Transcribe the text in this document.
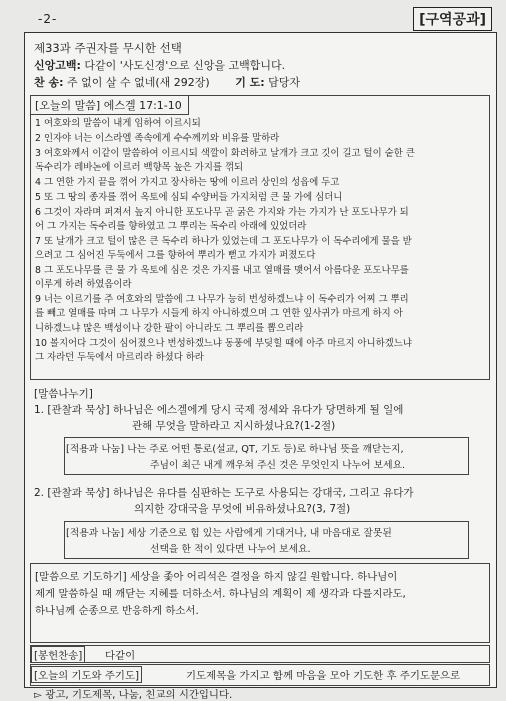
-2-	[구역공과]
제33과 주권자를 무시한 선택
신앙고백: 다같이 '사도신경'으로 신앙을 고백합니다.
찬 송: 주 없이 살 수 없네(새 292장) 기 도: 담당자
[오늘의 말씀] 에스겔 17:1-10
1 여호와의 말씀이 내게 임하여 이르시되
2 인자야 너는 이스라엘 족속에게 수수께끼와 비유를 말하라
3 여호와께서 이같이 말씀하여 이르시되 색깔이 화려하고 날개가 크고 깃이 길고 털이 숱한 큰
독수리가 레바논에 이르러 백향목 높은 가지를 꺾되
4 그 연한 가지 끝을 꺾어 가지고 장사하는 땅에 이르러 상인의 성읍에 두고
5 또 그 땅의 종자를 꺾어 옥토에 심되 수양버들 가지처럼 큰 물 가에 심더니
6 그것이 자라며 퍼져서 높지 아니한 포도나무 곧 굵은 가지와 가는 가지가 난 포도나무가 되
어 그 가지는 독수리를 향하였고 그 뿌리는 독수리 아래에 있었더라
7 또 날개가 크고 털이 많은 큰 독수리 하나가 있었는데 그 포도나무가 이 독수리에게 물을 받
으려고 그 심어진 두둑에서 그를 향하여 뿌리가 뻗고 가지가 퍼졌도다
8 그 포도나무를 큰 물 가 옥토에 심은 것은 가지를 내고 열매를 맺어서 아름다운 포도나무를
이루게 하려 하였음이라
9 너는 이르기를 주 여호와의 말씀에 그 나무가 능히 번성하겠느냐 이 독수리가 어찌 그 뿌리
를 빼고 열매를 따며 그 나무가 시들게 하지 아니하겠으며 그 연한 잎사귀가 마르게 하지 아
니하겠느냐 많은 백성이나 강한 팔이 아니라도 그 뿌리를 뽑으리라
10 볼지어다 그것이 심어졌으나 번성하겠느냐 동풍에 부딪힐 때에 아주 마르지 아니하겠느냐
그 자라던 두둑에서 마르리라 하셨다 하라
[말씀나누기]
1. [관찰과 묵상] 하나님은 에스겔에게 당시 국제 정세와 유다가 당면하게 될 일에
관해 무엇을 말하라고 지시하셨나요?(1-2절)
[적용과 나눔] 나는 주로 어떤 통로(설교, QT, 기도 등)로 하나님 뜻을 깨닫는지,
주님이 최근 내게 깨우쳐 주신 것은 무엇인지 나누어 보세요.
2. [관찰과 묵상] 하나님은 유다를 심판하는 도구로 사용되는 강대국, 그리고 유다가
의지한 강대국을 무엇에 비유하셨나요?(3, 7절)
[적용과 나눔] 세상 기준으로 힘 있는 사람에게 기대거나, 내 마음대로 잘못된
선택을 한 적이 있다면 나누어 보세요.
[말씀으로 기도하기] 세상을 좇아 어리석은 결정을 하지 않길 원합니다. 하나님이
제게 말씀하실 때 깨닫는 지혜를 더하소서. 하나님의 계획이 제 생각과 다를지라도,
하나님께 순종으로 반응하게 하소서.
[봉헌찬송] 다같이
[오늘의 기도와 주기도]	기도제목을 가지고 함께 마음을 모아 기도한 후 주기도문으로
▻ 광고, 기도제목, 나눔, 친교의 시간입니다.
